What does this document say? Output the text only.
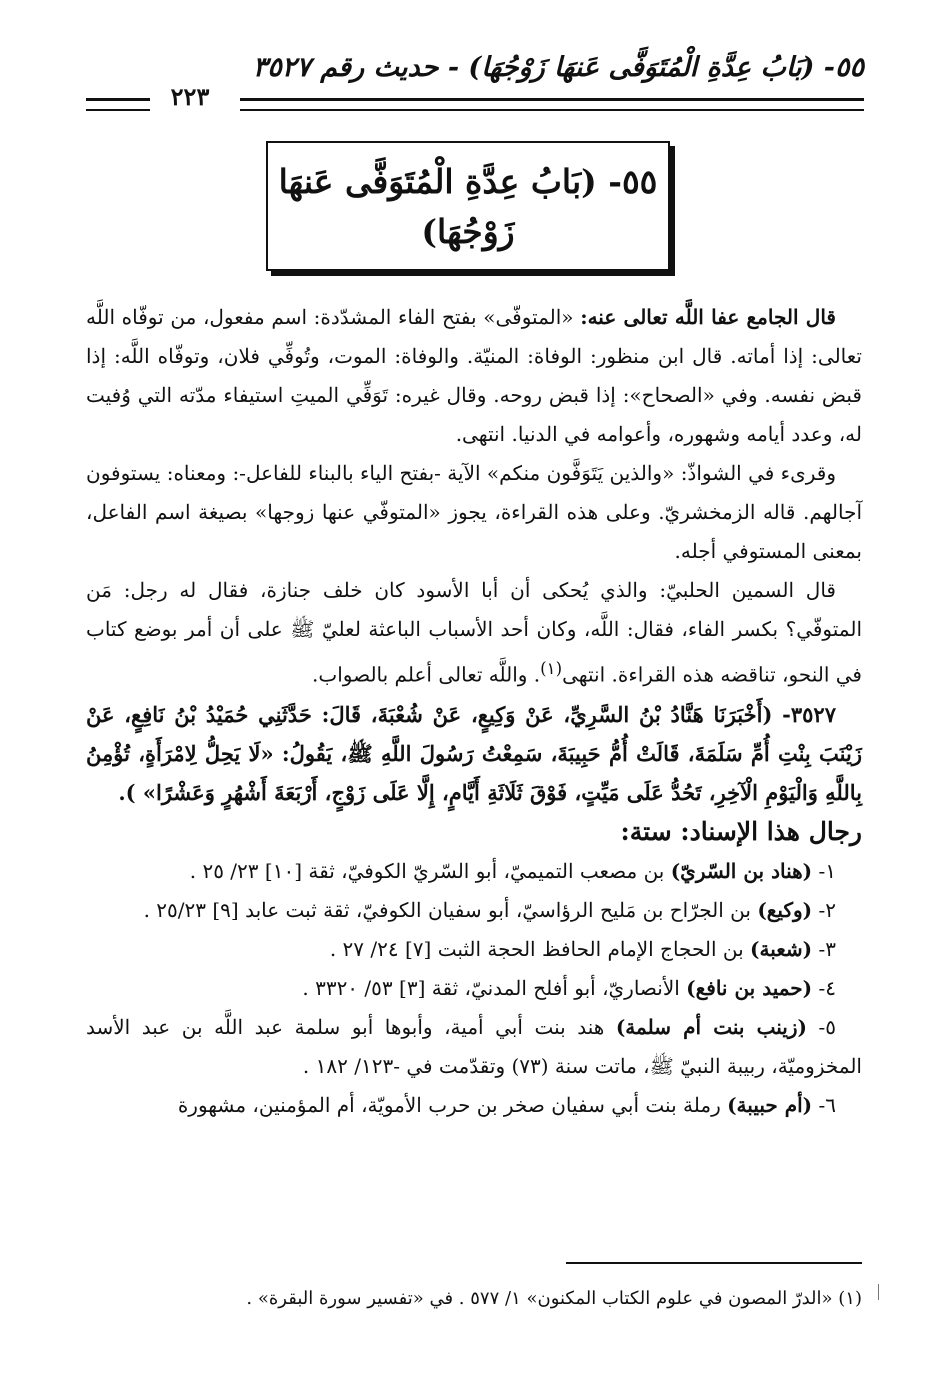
٥٥- (بَابُ عِدَّةِ الْمُتَوَفَّى عَنهَا زَوْجُهَا) - حديث رقم ٣٥٢٧
٢٢٣
٥٥- (بَابُ عِدَّةِ الْمُتَوَفَّى عَنهَا
زَوْجُهَا)

قال الجامع عفا اللَّه تعالى عنه: «المتوفّى» بفتح الفاء المشدّدة: اسم مفعول، من توفّاه اللَّه تعالى: إذا أماته. قال ابن منظور: الوفاة: المنيّة. والوفاة: الموت، وتُوفِّي فلان، وتوفّاه اللَّه: إذا قبض نفسه. وفي «الصحاح»: إذا قبض روحه. وقال غيره: تَوَفِّي الميتِ استيفاء مدّته التي وُفيت له، وعدد أيامه وشهوره، وأعوامه في الدنيا. انتهى.

وقرىء في الشواذّ: «والذين يَتَوَفَّون منكم» الآية -بفتح الياء بالبناء للفاعل-: ومعناه: يستوفون آجالهم. قاله الزمخشريّ. وعلى هذه القراءة، يجوز «المتوفّي عنها زوجها» بصيغة اسم الفاعل، بمعنى المستوفي أجله.

قال السمين الحلبيّ: والذي يُحكى أن أبا الأسود كان خلف جنازة، فقال له رجل: مَن المتوفّي؟ بكسر الفاء، فقال: اللَّه، وكان أحد الأسباب الباعثة لعليّ ﷺ على أن أمر بوضع كتاب في النحو، تناقضه هذه القراءة. انتهى$^{(١)}$. واللَّه تعالى أعلم بالصواب.

٣٥٢٧- (أَخْبَرَنَا هَنَّادُ بْنُ السَّرِيِّ، عَنْ وَكِيعٍ، عَنْ شُعْبَةَ، قَالَ: حَدَّثَنِي حُمَيْدُ بْنُ نَافِعٍ، عَنْ زَيْنَبَ بِنْتِ أُمِّ سَلَمَةَ، قَالَتْ أُمُّ حَبِيبَةَ، سَمِعْتُ رَسُولَ اللَّهِ ﷺ، يَقُولُ: «لَا يَحِلُّ لِامْرَأَةٍ، تُؤْمِنُ بِاللَّهِ وَالْيَوْمِ الْآخِرِ، تَحُدُّ عَلَى مَيِّتٍ، فَوْقَ ثَلَاثَةِ أَيَّامٍ، إِلَّا عَلَى زَوْجٍ، أَرْبَعَةَ أَشْهُرٍ وَعَشْرًا» ).

رجال هذا الإسناد: ستة:

١- (هناد بن السّريّ) بن مصعب التميميّ، أبو السّريّ الكوفيّ، ثقة [١٠] ٢٣/ ٢٥ .

٢- (وكيع) بن الجرّاح بن مَليح الرؤاسيّ، أبو سفيان الكوفيّ، ثقة ثبت عابد [٩] ٢٥/٢٣ .

٣- (شعبة) بن الحجاج الإمام الحافظ الحجة الثبت [٧] ٢٤/ ٢٧ .

٤- (حميد بن نافع) الأنصاريّ، أبو أفلح المدنيّ، ثقة [٣] ٥٣/ ٣٣٢٠ .

٥- (زينب بنت أم سلمة) هند بنت أبي أمية، وأبوها أبو سلمة عبد اللَّه بن عبد الأسد المخزوميّة، ربيبة النبيّ ﷺ، ماتت سنة (٧٣) وتقدّمت في -١٢٣/ ١٨٢ .

٦- (أم حبيبة) رملة بنت أبي سفيان صخر بن حرب الأمويّة، أم المؤمنين، مشهورة

(١) «الدرّ المصون في علوم الكتاب المكنون» ١/ ٥٧٧ . في «تفسير سورة البقرة» .
